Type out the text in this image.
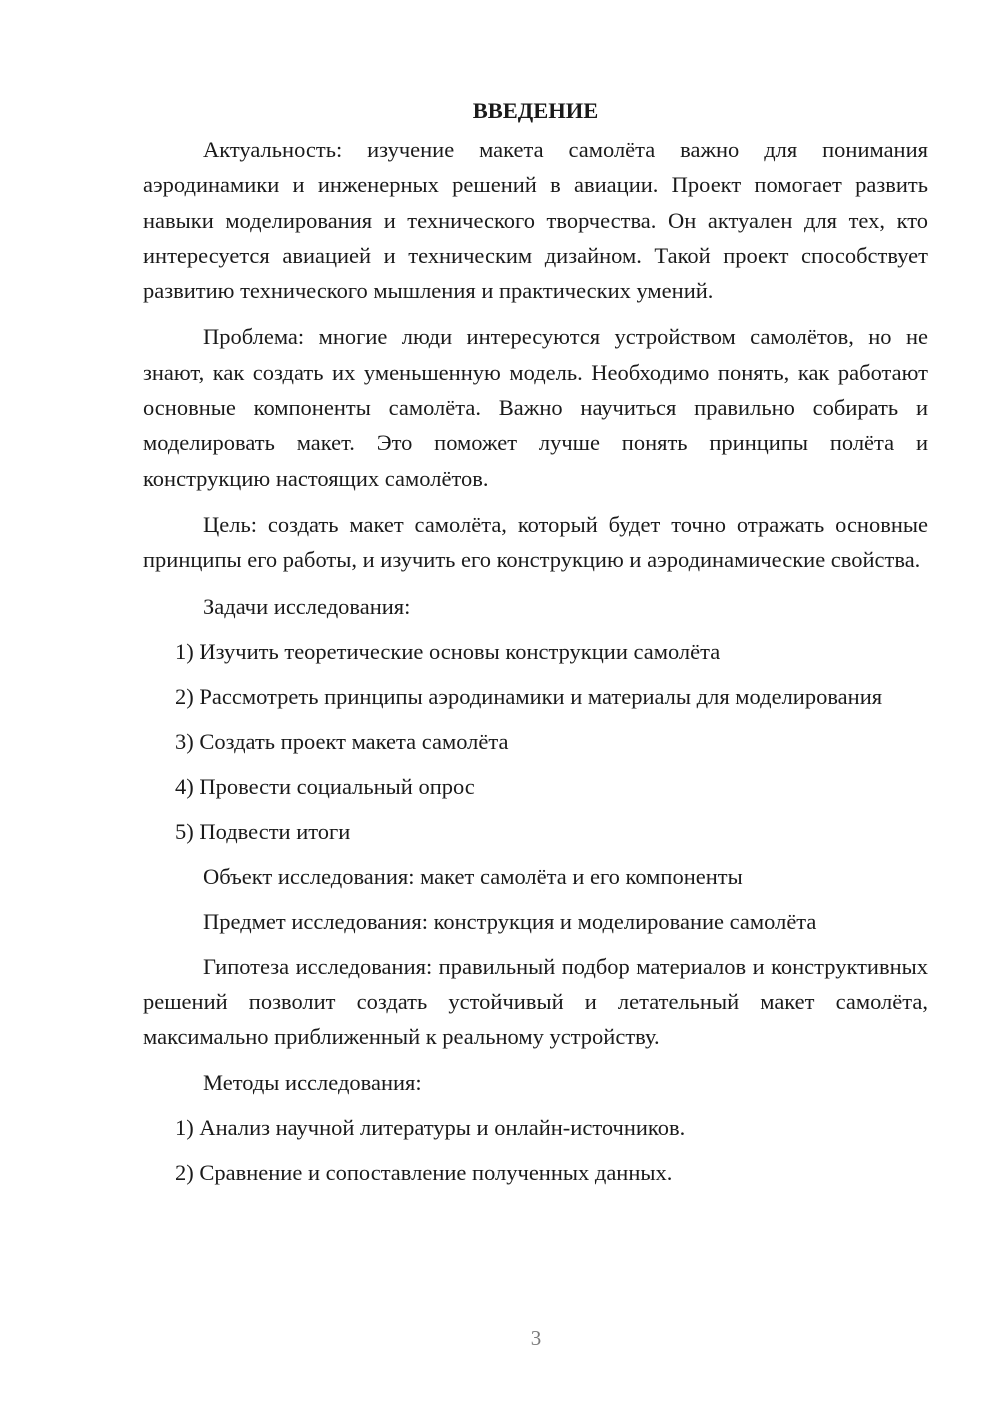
ВВЕДЕНИЕ
Актуальность: изучение макета самолёта важно для понимания аэродинамики и инженерных решений в авиации. Проект помогает развить навыки моделирования и технического творчества. Он актуален для тех, кто интересуется авиацией и техническим дизайном. Такой проект способствует развитию технического мышления и практических умений.
Проблема: многие люди интересуются устройством самолётов, но не знают, как создать их уменьшенную модель. Необходимо понять, как работают основные компоненты самолёта. Важно научиться правильно собирать и моделировать макет. Это поможет лучше понять принципы полёта и конструкцию настоящих самолётов.
Цель: создать макет самолёта, который будет точно отражать основные принципы его работы, и изучить его конструкцию и аэродинамические свойства.
Задачи исследования:
1) Изучить теоретические основы конструкции самолёта
2) Рассмотреть принципы аэродинамики и материалы для моделирования
3) Создать проект макета самолёта
4) Провести социальный опрос
5) Подвести итоги
Объект исследования: макет самолёта и его компоненты
Предмет исследования: конструкция и моделирование самолёта
Гипотеза исследования: правильный подбор материалов и конструктивных решений позволит создать устойчивый и летательный макет самолёта, максимально приближенный к реальному устройству.
Методы исследования:
1) Анализ научной литературы и онлайн-источников.
2) Сравнение и сопоставление полученных данных.
3
